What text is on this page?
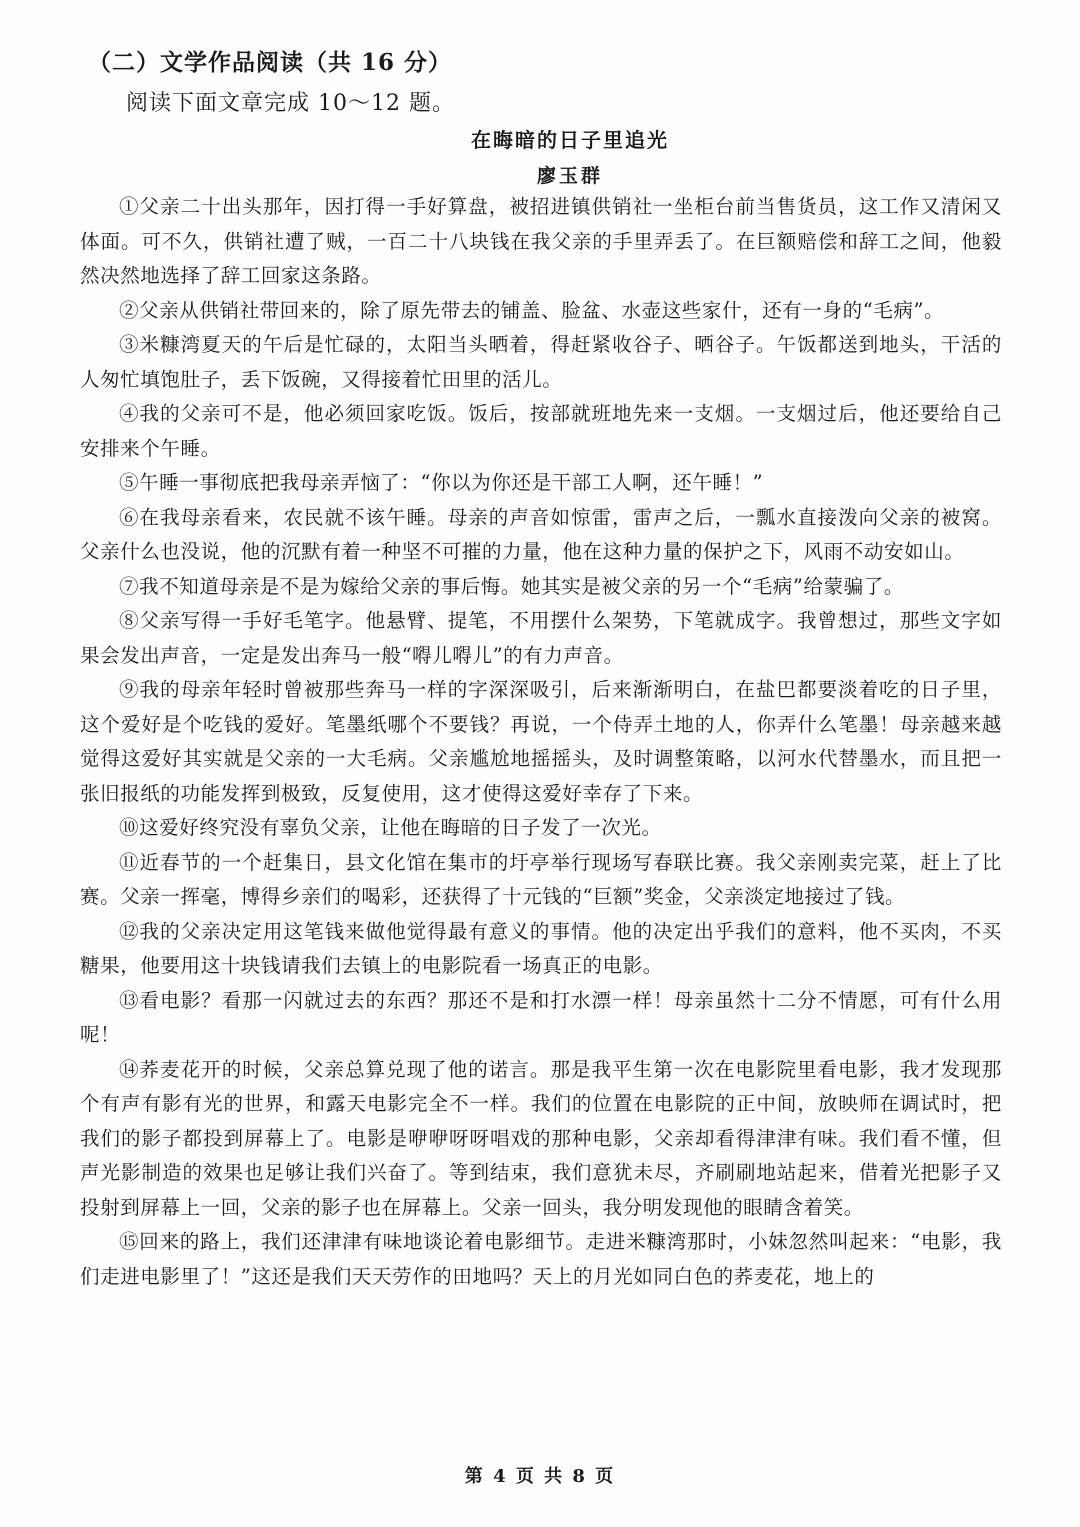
（二）文学作品阅读（共 16 分）
阅读下面文章完成 10～12 题。
在晦暗的日子里追光
廖玉群

①父亲二十出头那年，因打得一手好算盘，被招进镇供销社一坐柜台前当售货员，这工作又清闲又体面。可不久，供销社遭了贼，一百二十八块钱在我父亲的手里弄丢了。在巨额赔偿和辞工之间，他毅然决然地选择了辞工回家这条路。

②父亲从供销社带回来的，除了原先带去的铺盖、脸盆、水壶这些家什，还有一身的“毛病”。

③米糠湾夏天的午后是忙碌的，太阳当头晒着，得赶紧收谷子、晒谷子。午饭都送到地头，干活的人匆忙填饱肚子，丢下饭碗，又得接着忙田里的活儿。

④我的父亲可不是，他必须回家吃饭。饭后，按部就班地先来一支烟。一支烟过后，他还要给自己安排来个午睡。

⑤午睡一事彻底把我母亲弄恼了：“你以为你还是干部工人啊，还午睡！”

⑥在我母亲看来，农民就不该午睡。母亲的声音如惊雷，雷声之后，一瓢水直接泼向父亲的被窝。父亲什么也没说，他的沉默有着一种坚不可摧的力量，他在这种力量的保护之下，风雨不动安如山。

⑦我不知道母亲是不是为嫁给父亲的事后悔。她其实是被父亲的另一个“毛病”给蒙骗了。

⑧父亲写得一手好毛笔字。他悬臂、提笔，不用摆什么架势，下笔就成字。我曾想过，那些文字如果会发出声音，一定是发出奔马一般“嘚儿嘚儿”的有力声音。

⑨我的母亲年轻时曾被那些奔马一样的字深深吸引，后来渐渐明白，在盐巴都要淡着吃的日子里，这个爱好是个吃钱的爱好。笔墨纸哪个不要钱？再说，一个侍弄土地的人，你弄什么笔墨！母亲越来越觉得这爱好其实就是父亲的一大毛病。父亲尴尬地摇摇头，及时调整策略，以河水代替墨水，而且把一张旧报纸的功能发挥到极致，反复使用，这才使得这爱好幸存了下来。

⑩这爱好终究没有辜负父亲，让他在晦暗的日子发了一次光。

⑪近春节的一个赶集日，县文化馆在集市的圩亭举行现场写春联比赛。我父亲刚卖完菜，赶上了比赛。父亲一挥毫，博得乡亲们的喝彩，还获得了十元钱的“巨额”奖金，父亲淡定地接过了钱。

⑫我的父亲决定用这笔钱来做他觉得最有意义的事情。他的决定出乎我们的意料，他不买肉，不买糖果，他要用这十块钱请我们去镇上的电影院看一场真正的电影。

⑬看电影？看那一闪就过去的东西？那还不是和打水漂一样！母亲虽然十二分不情愿，可有什么用呢！

⑭荞麦花开的时候，父亲总算兑现了他的诺言。那是我平生第一次在电影院里看电影，我才发现那个有声有影有光的世界，和露天电影完全不一样。我们的位置在电影院的正中间，放映师在调试时，把我们的影子都投到屏幕上了。电影是咿咿呀呀唱戏的那种电影，父亲却看得津津有味。我们看不懂，但声光影制造的效果也足够让我们兴奋了。等到结束，我们意犹未尽，齐刷刷地站起来，借着光把影子又投射到屏幕上一回，父亲的影子也在屏幕上。父亲一回头，我分明发现他的眼睛含着笑。

⑮回来的路上，我们还津津有味地谈论着电影细节。走进米糠湾那时，小妹忽然叫起来：“电影，我们走进电影里了！”这还是我们天天劳作的田地吗？天上的月光如同白色的荞麦花，地上的

第 4 页 共 8 页
